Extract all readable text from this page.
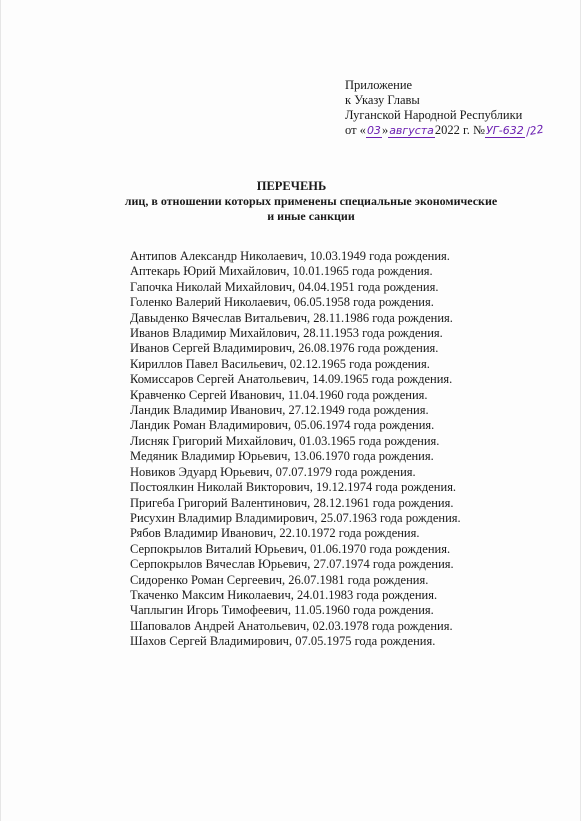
Приложение
к Указу Главы
Луганской Народной Республики
от «03»августа2022 г. №УГ-632/22
ПЕРЕЧЕНЬ
лиц, в отношении которых применены специальные экономические
и иные санкции
Антипов Александр Николаевич, 10.03.1949 года рождения.
Аптекарь Юрий Михайлович, 10.01.1965 года рождения.
Гапочка Николай Михайлович, 04.04.1951 года рождения.
Голенко Валерий Николаевич, 06.05.1958 года рождения.
Давыденко Вячеслав Витальевич, 28.11.1986 года рождения.
Иванов Владимир Михайлович, 28.11.1953 года рождения.
Иванов Сергей Владимирович, 26.08.1976 года рождения.
Кириллов Павел Васильевич, 02.12.1965 года рождения.
Комиссаров Сергей Анатольевич, 14.09.1965 года рождения.
Кравченко Сергей Иванович, 11.04.1960 года рождения.
Ландик Владимир Иванович, 27.12.1949 года рождения.
Ландик Роман Владимирович, 05.06.1974 года рождения.
Лисняк Григорий Михайлович, 01.03.1965 года рождения.
Медяник Владимир Юрьевич, 13.06.1970 года рождения.
Новиков Эдуард Юрьевич, 07.07.1979 года рождения.
Постоялкин Николай Викторович, 19.12.1974 года рождения.
Пригеба Григорий Валентинович, 28.12.1961 года рождения.
Рисухин Владимир Владимирович, 25.07.1963 года рождения.
Рябов Владимир Иванович, 22.10.1972 года рождения.
Серпокрылов Виталий Юрьевич, 01.06.1970 года рождения.
Серпокрылов Вячеслав Юрьевич, 27.07.1974 года рождения.
Сидоренко Роман Сергеевич, 26.07.1981 года рождения.
Ткаченко Максим Николаевич, 24.01.1983 года рождения.
Чаплыгин Игорь Тимофеевич, 11.05.1960 года рождения.
Шаповалов Андрей Анатольевич, 02.03.1978 года рождения.
Шахов Сергей Владимирович, 07.05.1975 года рождения.
